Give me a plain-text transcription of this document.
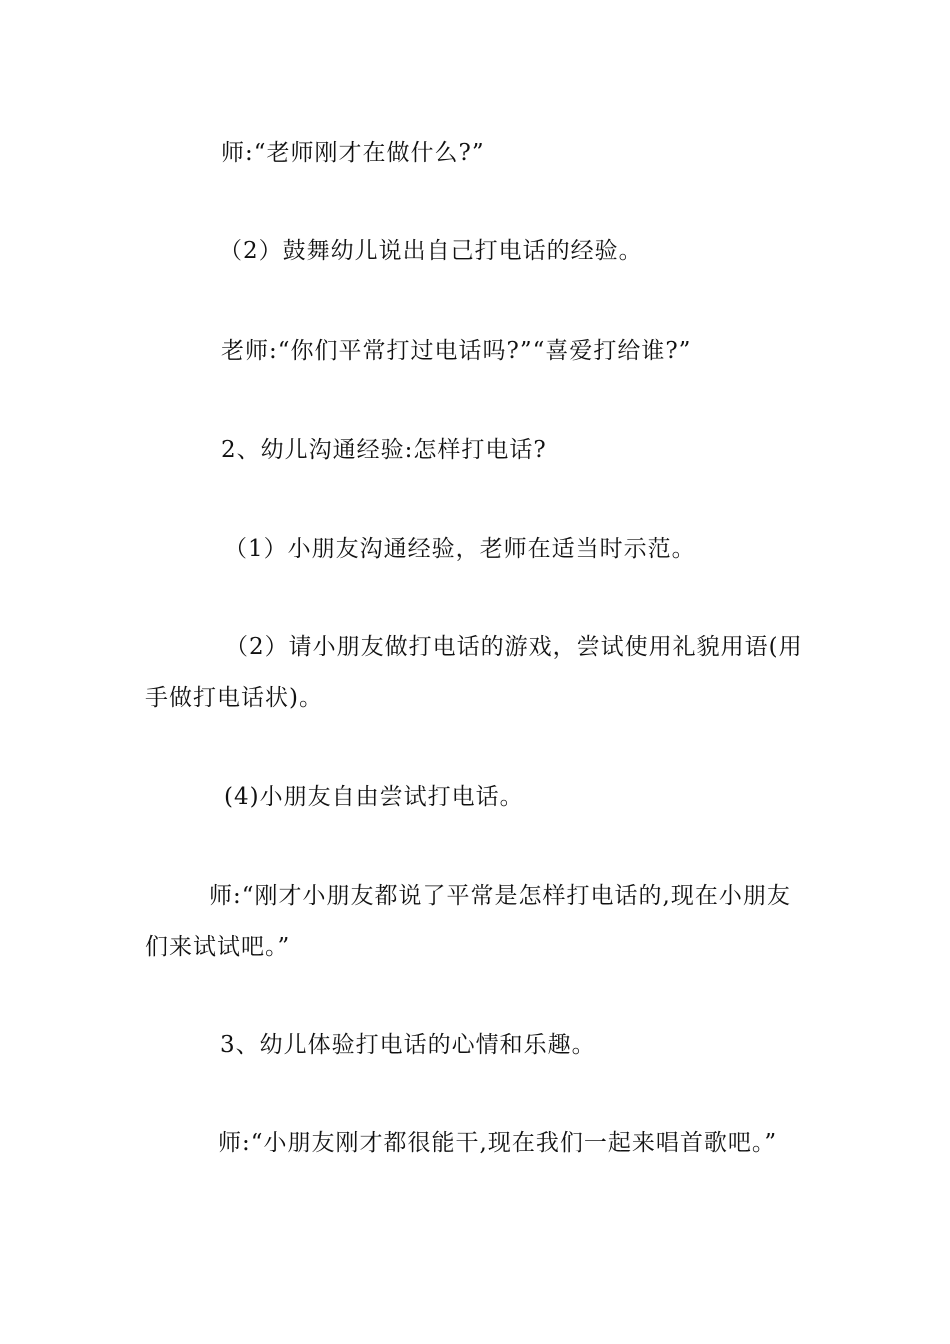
师:“老师刚才在做什么?”

（2）鼓舞幼儿说出自己打电话的经验。

老师:“你们平常打过电话吗?”“喜爱打给谁?”

2、幼儿沟通经验:怎样打电话?

（1）小朋友沟通经验，老师在适当时示范。

（2）请小朋友做打电话的游戏，尝试使用礼貌用语(用手做打电话状)。

(4)小朋友自由尝试打电话。

师:“刚才小朋友都说了平常是怎样打电话的,现在小朋友们来试试吧。”

3、幼儿体验打电话的心情和乐趣。

师:“小朋友刚才都很能干,现在我们一起来唱首歌吧。”
